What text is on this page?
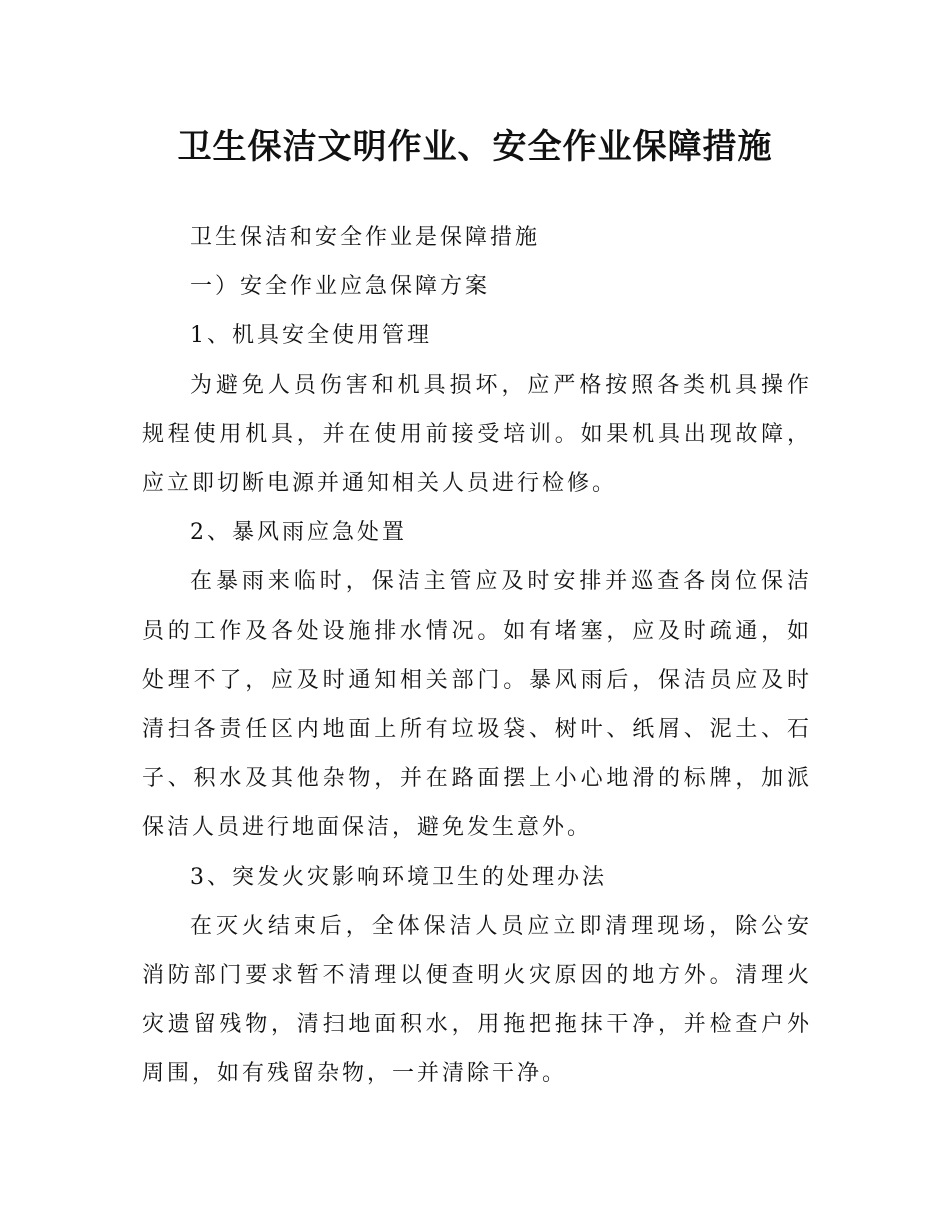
卫生保洁文明作业、安全作业保障措施

卫生保洁和安全作业是保障措施

一）安全作业应急保障方案

1、机具安全使用管理

为避免人员伤害和机具损坏，应严格按照各类机具操作规程使用机具，并在使用前接受培训。如果机具出现故障，应立即切断电源并通知相关人员进行检修。

2、暴风雨应急处置

在暴雨来临时，保洁主管应及时安排并巡查各岗位保洁员的工作及各处设施排水情况。如有堵塞，应及时疏通，如处理不了，应及时通知相关部门。暴风雨后，保洁员应及时清扫各责任区内地面上所有垃圾袋、树叶、纸屑、泥土、石子、积水及其他杂物，并在路面摆上小心地滑的标牌，加派保洁人员进行地面保洁，避免发生意外。

3、突发火灾影响环境卫生的处理办法

在灭火结束后，全体保洁人员应立即清理现场，除公安消防部门要求暂不清理以便查明火灾原因的地方外。清理火灾遗留残物，清扫地面积水，用拖把拖抹干净，并检查户外周围，如有残留杂物，一并清除干净。
